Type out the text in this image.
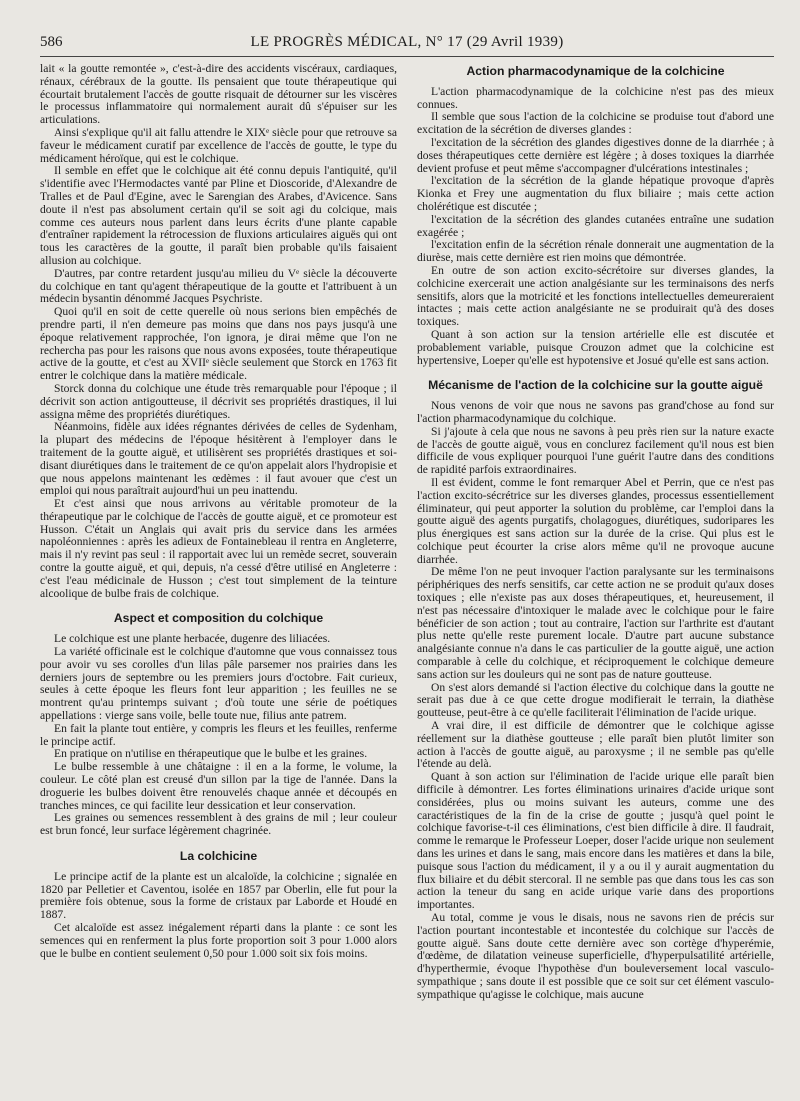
586	LE PROGRÈS MÉDICAL, N° 17 (29 Avril 1939)

lait « la goutte remontée », c'est-à-dire des accidents viscéraux, cardiaques, rénaux, cérébraux de la goutte. Ils pensaient que toute thérapeutique qui écourtait brutalement l'accès de goutte risquait de détourner sur les viscères le processus inflammatoire qui normalement aurait dû s'épuiser sur les articulations.

Ainsi s'explique qu'il ait fallu attendre le XIXᵉ siècle pour que retrouve sa faveur le médicament curatif par excellence de l'accès de goutte, le type du médicament héroïque, qui est le colchique.

Il semble en effet que le colchique ait été connu depuis l'antiquité, qu'il s'identifie avec l'Hermodactes vanté par Pline et Dioscoride, d'Alexandre de Tralles et de Paul d'Egine, avec le Sarengian des Arabes, d'Avicence. Sans doute il n'est pas absolument certain qu'il se soit agi du colcique, mais comme ces auteurs nous parlent dans leurs écrits d'une plante capable d'entraîner rapidement la rétrocession de fluxions articulaires aiguës qui ont tous les caractères de la goutte, il paraît bien probable qu'ils faisaient allusion au colchique.

D'autres, par contre retardent jusqu'au milieu du Vᵉ siècle la découverte du colchique en tant qu'agent thérapeutique de la goutte et l'attribuent à un médecin bysantin dénommé Jacques Psychriste.

Quoi qu'il en soit de cette querelle où nous serions bien empêchés de prendre parti, il n'en demeure pas moins que dans nos pays jusqu'à une époque relativement rapprochée, l'on ignora, je dirai même que l'on ne rechercha pas pour les raisons que nous avons exposées, toute thérapeutique active de la goutte, et c'est au XVIIᵉ siècle seulement que Storck en 1763 fit entrer le colchique dans la matière médicale.

Storck donna du colchique une étude très remarquable pour l'époque ; il décrivit son action antigoutteuse, il décrivit ses propriétés drastiques, il lui assigna même des propriétés diurétiques.

Néanmoins, fidèle aux idées régnantes dérivées de celles de Sydenham, la plupart des médecins de l'époque hésitèrent à l'employer dans le traitement de la goutte aiguë, et utilisèrent ses propriétés drastiques et soi-disant diurétiques dans le traitement de ce qu'on appelait alors l'hydropisie et que nous appelons maintenant les œdèmes : il faut avouer que c'est un emploi qui nous paraîtrait aujourd'hui un peu inattendu.

Et c'est ainsi que nous arrivons au véritable promoteur de la thérapeutique par le colchique de l'accès de goutte aiguë, et ce promoteur est Husson. C'était un Anglais qui avait pris du service dans les armées napoléonniennes : après les adieux de Fontainebleau il rentra en Angleterre, mais il n'y revint pas seul : il rapportait avec lui un remède secret, souverain contre la goutte aiguë, et qui, depuis, n'a cessé d'être utilisé en Angleterre : c'est l'eau médicinale de Husson ; c'est tout simplement de la teinture alcoolique de bulbe frais de colchique.

Aspect et composition du colchique

Le colchique est une plante herbacée, dugenre des liliacées.

La variété officinale est le colchique d'automne que vous connaissez tous pour avoir vu ses corolles d'un lilas pâle parsemer nos prairies dans les derniers jours de septembre ou les premiers jours d'octobre. Fait curieux, seules à cette époque les fleurs font leur apparition ; les feuilles ne se montrent qu'au printemps suivant ; d'où toute une série de poétiques appellations : vierge sans voile, belle toute nue, filius ante patrem.

En fait la plante tout entière, y compris les fleurs et les feuilles, renferme le principe actif.

En pratique on n'utilise en thérapeutique que le bulbe et les graines.

Le bulbe ressemble à une châtaigne : il en a la forme, le volume, la couleur. Le côté plan est creusé d'un sillon par la tige de l'année. Dans la droguerie les bulbes doivent être renouvelés chaque année et découpés en tranches minces, ce qui facilite leur dessication et leur conservation.

Les graines ou semences ressemblent à des grains de mil ; leur couleur est brun foncé, leur surface légèrement chagrinée.

La colchicine

Le principe actif de la plante est un alcaloïde, la colchicine ; signalée en 1820 par Pelletier et Caventou, isolée en 1857 par Oberlin, elle fut pour la première fois obtenue, sous la forme de cristaux par Laborde et Houdé en 1887.

Cet alcaloïde est assez inégalement réparti dans la plante : ce sont les semences qui en renferment la plus forte proportion soit 3 pour 1.000 alors que le bulbe en contient seulement 0,50 pour 1.000 soit six fois moins.

Action pharmacodynamique de la colchicine

L'action pharmacodynamique de la colchicine n'est pas des mieux connues.

Il semble que sous l'action de la colchicine se produise tout d'abord une excitation de la sécrétion de diverses glandes :

l'excitation de la sécrétion des glandes digestives donne de la diarrhée ; à doses thérapeutiques cette dernière est légère ; à doses toxiques la diarrhée devient profuse et peut même s'accompagner d'ulcérations intestinales ;

l'excitation de la sécrétion de la glande hépatique provoque d'après Kionka et Frey une augmentation du flux biliaire ; mais cette action cholérétique est discutée ;

l'excitation de la sécrétion des glandes cutanées entraîne une sudation exagérée ;

l'excitation enfin de la sécrétion rénale donnerait une augmentation de la diurèse, mais cette dernière est rien moins que démontrée.

En outre de son action excito-sécrétoire sur diverses glandes, la colchicine exercerait une action analgésiante sur les terminaisons des nerfs sensitifs, alors que la motricité et les fonctions intellectuelles demeureraient intactes ; mais cette action analgésiante ne se produirait qu'à des doses toxiques.

Quant à son action sur la tension artérielle elle est discutée et probablement variable, puisque Crouzon admet que la colchicine est hypertensive, Loeper qu'elle est hypotensive et Josué qu'elle est sans action.

Mécanisme de l'action de la colchicine sur la goutte aiguë

Nous venons de voir que nous ne savons pas grand'chose au fond sur l'action pharmacodynamique du colchique.

Si j'ajoute à cela que nous ne savons à peu près rien sur la nature exacte de l'accès de goutte aiguë, vous en conclurez facilement qu'il nous est bien difficile de vous expliquer pourquoi l'une guérit l'autre dans des conditions de rapidité parfois extraordinaires.

Il est évident, comme le font remarquer Abel et Perrin, que ce n'est pas l'action excito-sécrétrice sur les diverses glandes, processus essentiellement éliminateur, qui peut apporter la solution du problème, car l'emploi dans la goutte aiguë des agents purgatifs, cholagogues, diurétiques, sudoripares les plus énergiques est sans action sur la durée de la crise. Qui plus est le colchique peut écourter la crise alors même qu'il ne provoque aucune diarrhée.

De même l'on ne peut invoquer l'action paralysante sur les terminaisons périphériques des nerfs sensitifs, car cette action ne se produit qu'aux doses toxiques ; elle n'existe pas aux doses thérapeutiques, et, heureusement, il n'est pas nécessaire d'intoxiquer le malade avec le colchique pour le faire bénéficier de son action ; tout au contraire, l'action sur l'arthrite est d'autant plus nette qu'elle reste purement locale. D'autre part aucune substance analgésiante connue n'a dans le cas particulier de la goutte aiguë, une action comparable à celle du colchique, et réciproquement le colchique demeure sans action sur les douleurs qui ne sont pas de nature goutteuse.

On s'est alors demandé si l'action élective du colchique dans la goutte ne serait pas due à ce que cette drogue modifierait le terrain, la diathèse goutteuse, peut-être à ce qu'elle faciliterait l'élimination de l'acide urique.

A vrai dire, il est difficile de démontrer que le colchique agisse réellement sur la diathèse goutteuse ; elle paraît bien plutôt limiter son action à l'accès de goutte aiguë, au paroxysme ; il ne semble pas qu'elle l'étende au delà.

Quant à son action sur l'élimination de l'acide urique elle paraît bien difficile à démontrer. Les fortes éliminations urinaires d'acide urique sont considérées, plus ou moins suivant les auteurs, comme une des caractéristiques de la fin de la crise de goutte ; jusqu'à quel point le colchique favorise-t-il ces éliminations, c'est bien difficile à dire. Il faudrait, comme le remarque le Professeur Loeper, doser l'acide urique non seulement dans les urines et dans le sang, mais encore dans les matières et dans la bile, puisque sous l'action du médicament, il y a ou il y aurait augmentation du flux biliaire et du débit stercoral. Il ne semble pas que dans tous les cas son action la teneur du sang en acide urique varie dans des proportions importantes.

Au total, comme je vous le disais, nous ne savons rien de précis sur l'action pourtant incontestable et incontestée du colchique sur l'accès de goutte aiguë. Sans doute cette dernière avec son cortège d'hyperémie, d'œdème, de dilatation veineuse superficielle, d'hyperpulsatilité artérielle, d'hyperthermie, évoque l'hypothèse d'un bouleversement local vasculo-sympathique ; sans doute il est possible que ce soit sur cet élément vasculo-sympathique qu'agisse le colchique, mais aucune
